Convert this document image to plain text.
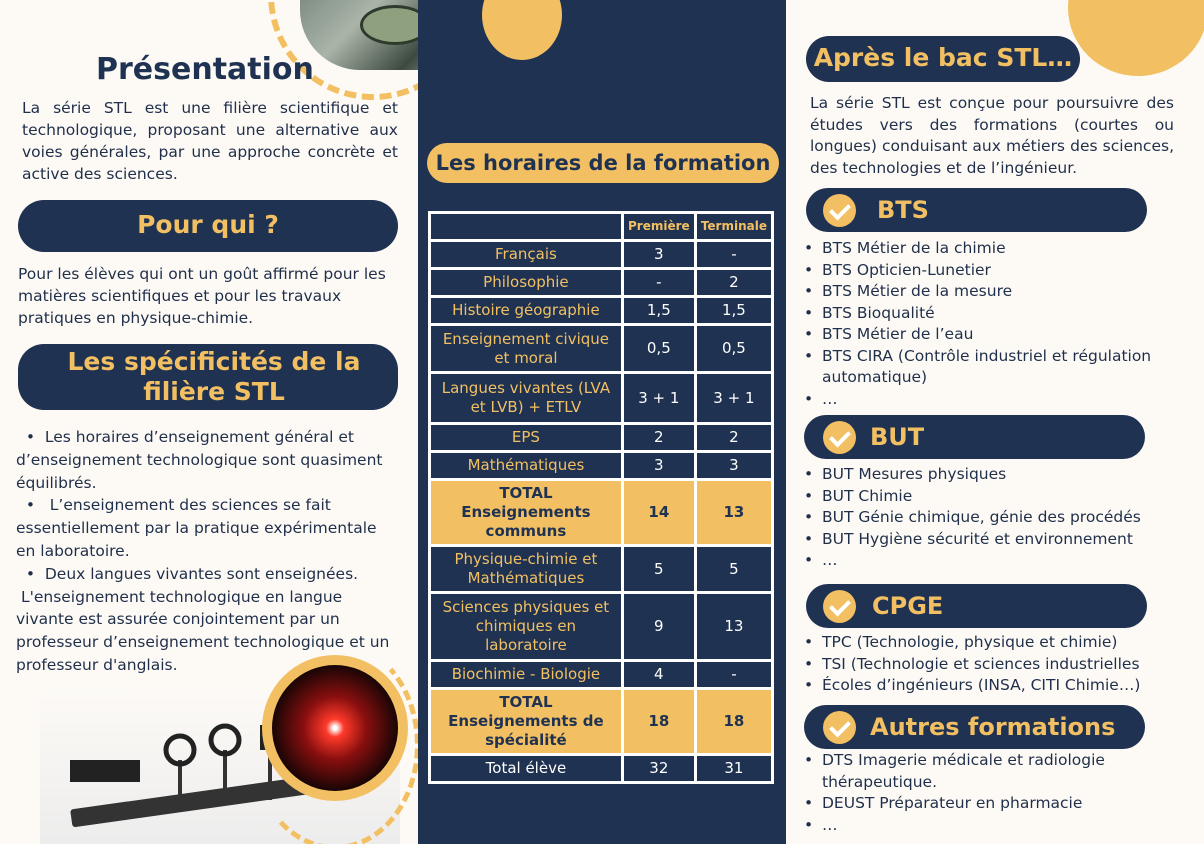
Présentation

La série STL est une filière scientifique et technologique, proposant une alternative aux voies générales, par une approche concrète et active des sciences.

Pour qui ?

Pour les élèves qui ont un goût affirmé pour les matières scientifiques et pour les travaux pratiques en physique-chimie.

Les spécificités de la filière STL
•  Les horaires d’enseignement général et d’enseignement technologique sont quasiment équilibrés.
•   L’enseignement des sciences se fait essentiellement par la pratique expérimentale en laboratoire.
•  Deux langues vivantes sont enseignées.
L'enseignement technologique en langue vivante est assurée conjointement par un professeur d’enseignement technologique et un professeur d'anglais.
Les horaires de la formation
	Première	Terminale
Français	3	-
Philosophie	-	2
Histoire géographie	1,5	1,5
Enseignement civique et moral	0,5	0,5
Langues vivantes (LVA et LVB) + ETLV	3 + 1	3 + 1
EPS	2	2
Mathématiques	3	3
TOTAL Enseignements communs	14	13
Physique-chimie et Mathématiques	5	5
Sciences physiques et chimiques en laboratoire	9	13
Biochimie - Biologie	4	-
TOTAL Enseignements de spécialité	18	18
Total élève	32	31
Après le bac STL…

La série STL est conçue pour poursuivre des études vers des formations (courtes ou longues) conduisant aux métiers des sciences, des technologies et de l’ingénieur.

BTS
• BTS Métier de la chimie
• BTS Opticien-Lunetier
• BTS Métier de la mesure
• BTS Bioqualité
• BTS Métier de l’eau
• BTS CIRA (Contrôle industriel et régulation automatique)
• …
BUT
• BUT Mesures physiques
• BUT Chimie
• BUT Génie chimique, génie des procédés
• BUT Hygiène sécurité et environnement
• …
CPGE
• TPC (Technologie, physique et chimie)
• TSI (Technologie et sciences industrielles
• Écoles d’ingénieurs (INSA, CITI Chimie…)
Autres formations
• DTS Imagerie médicale et radiologie thérapeutique.
• DEUST Préparateur en pharmacie
• …
